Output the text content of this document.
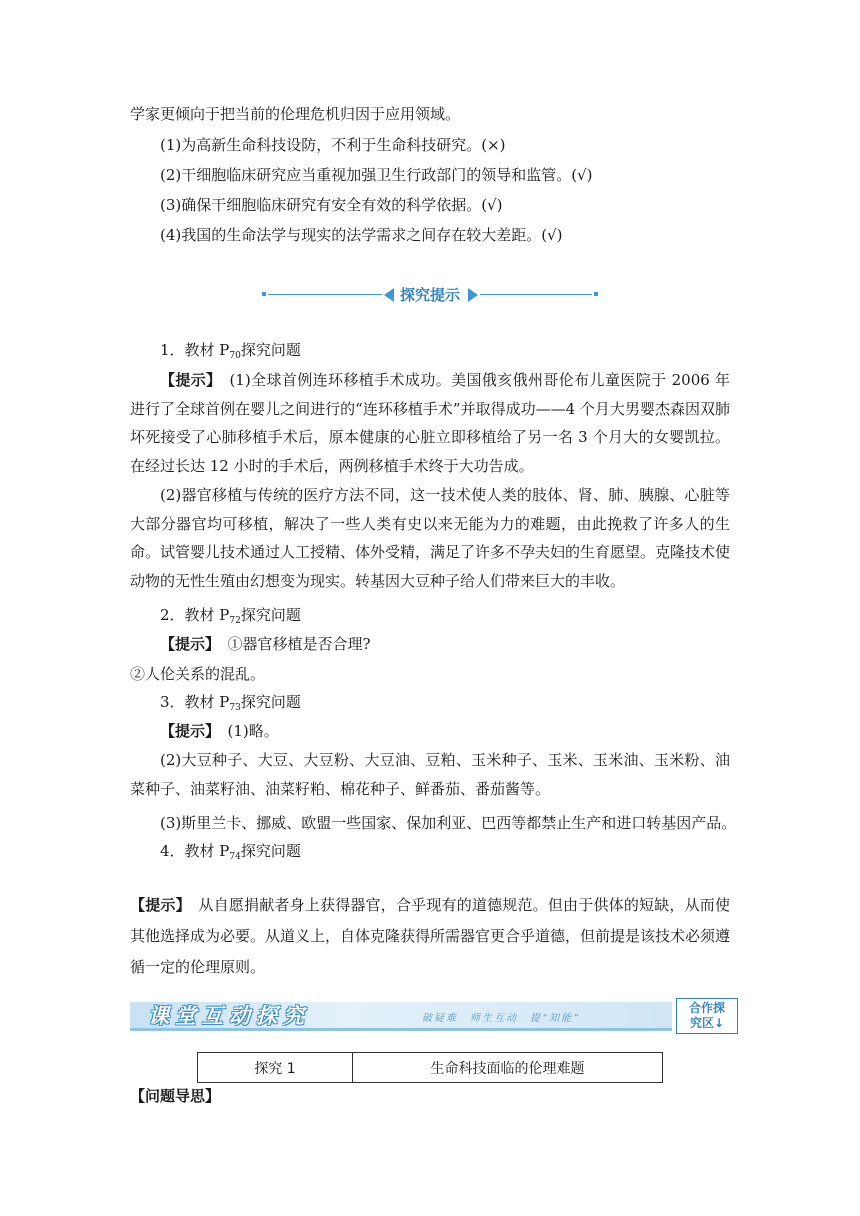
学家更倾向于把当前的伦理危机归因于应用领域。
(1)为高新生命科技设防，不利于生命科技研究。(×)
(2)干细胞临床研究应当重视加强卫生行政部门的领导和监管。(√)
(3)确保干细胞临床研究有安全有效的科学依据。(√)
(4)我国的生命法学与现实的法学需求之间存在较大差距。(√)
探究提示
1．教材 $P_{70}$探究问题
【提示】　 (1)全球首例连环移植手术成功。美国俄亥俄州哥伦布儿童医院于 2006 年进行了全球首例在婴儿之间进行的“连环移植手术”并取得成功——4 个月大男婴杰森因双肺坏死接受了心肺移植手术后，原本健康的心脏立即移植给了另一名 3 个月大的女婴凯拉。在经过长达 12 小时的手术后，两例移植手术终于大功告成。
(2)器官移植与传统的医疗方法不同，这一技术使人类的肢体、肾、肺、胰腺、心脏等大部分器官均可移植，解决了一些人类有史以来无能为力的难题，由此挽救了许多人的生命。试管婴儿技术通过人工授精、体外受精，满足了许多不孕夫妇的生育愿望。克隆技术使动物的无性生殖由幻想变为现实。转基因大豆种子给人们带来巨大的丰收。
2．教材 $P_{72}$探究问题
【提示】　 ①器官移植是否合理?
②人伦关系的混乱。
3．教材 $P_{73}$探究问题
【提示】　 (1)略。
(2)大豆种子、大豆、大豆粉、大豆油、豆粕、玉米种子、玉米、玉米油、玉米粉、油菜种子、油菜籽油、油菜籽粕、棉花种子、鲜番茄、番茄酱等。
(3)斯里兰卡、挪威、欧盟一些国家、保加利亚、巴西等都禁止生产和进口转基因产品。
4．教材 $P_{74}$探究问题
【提示】　 从自愿捐献者身上获得器官，合乎现有的道德规范。但由于供体的短缺，从而使其他选择成为必要。从道义上，自体克隆获得所需器官更合乎道德，但前提是该技术必须遵循一定的伦理原则。
课堂互动探究	破疑难　师生互动　提“知能”
合作探
究区↓
探究 1	生命科技面临的伦理难题
【问题导思】
